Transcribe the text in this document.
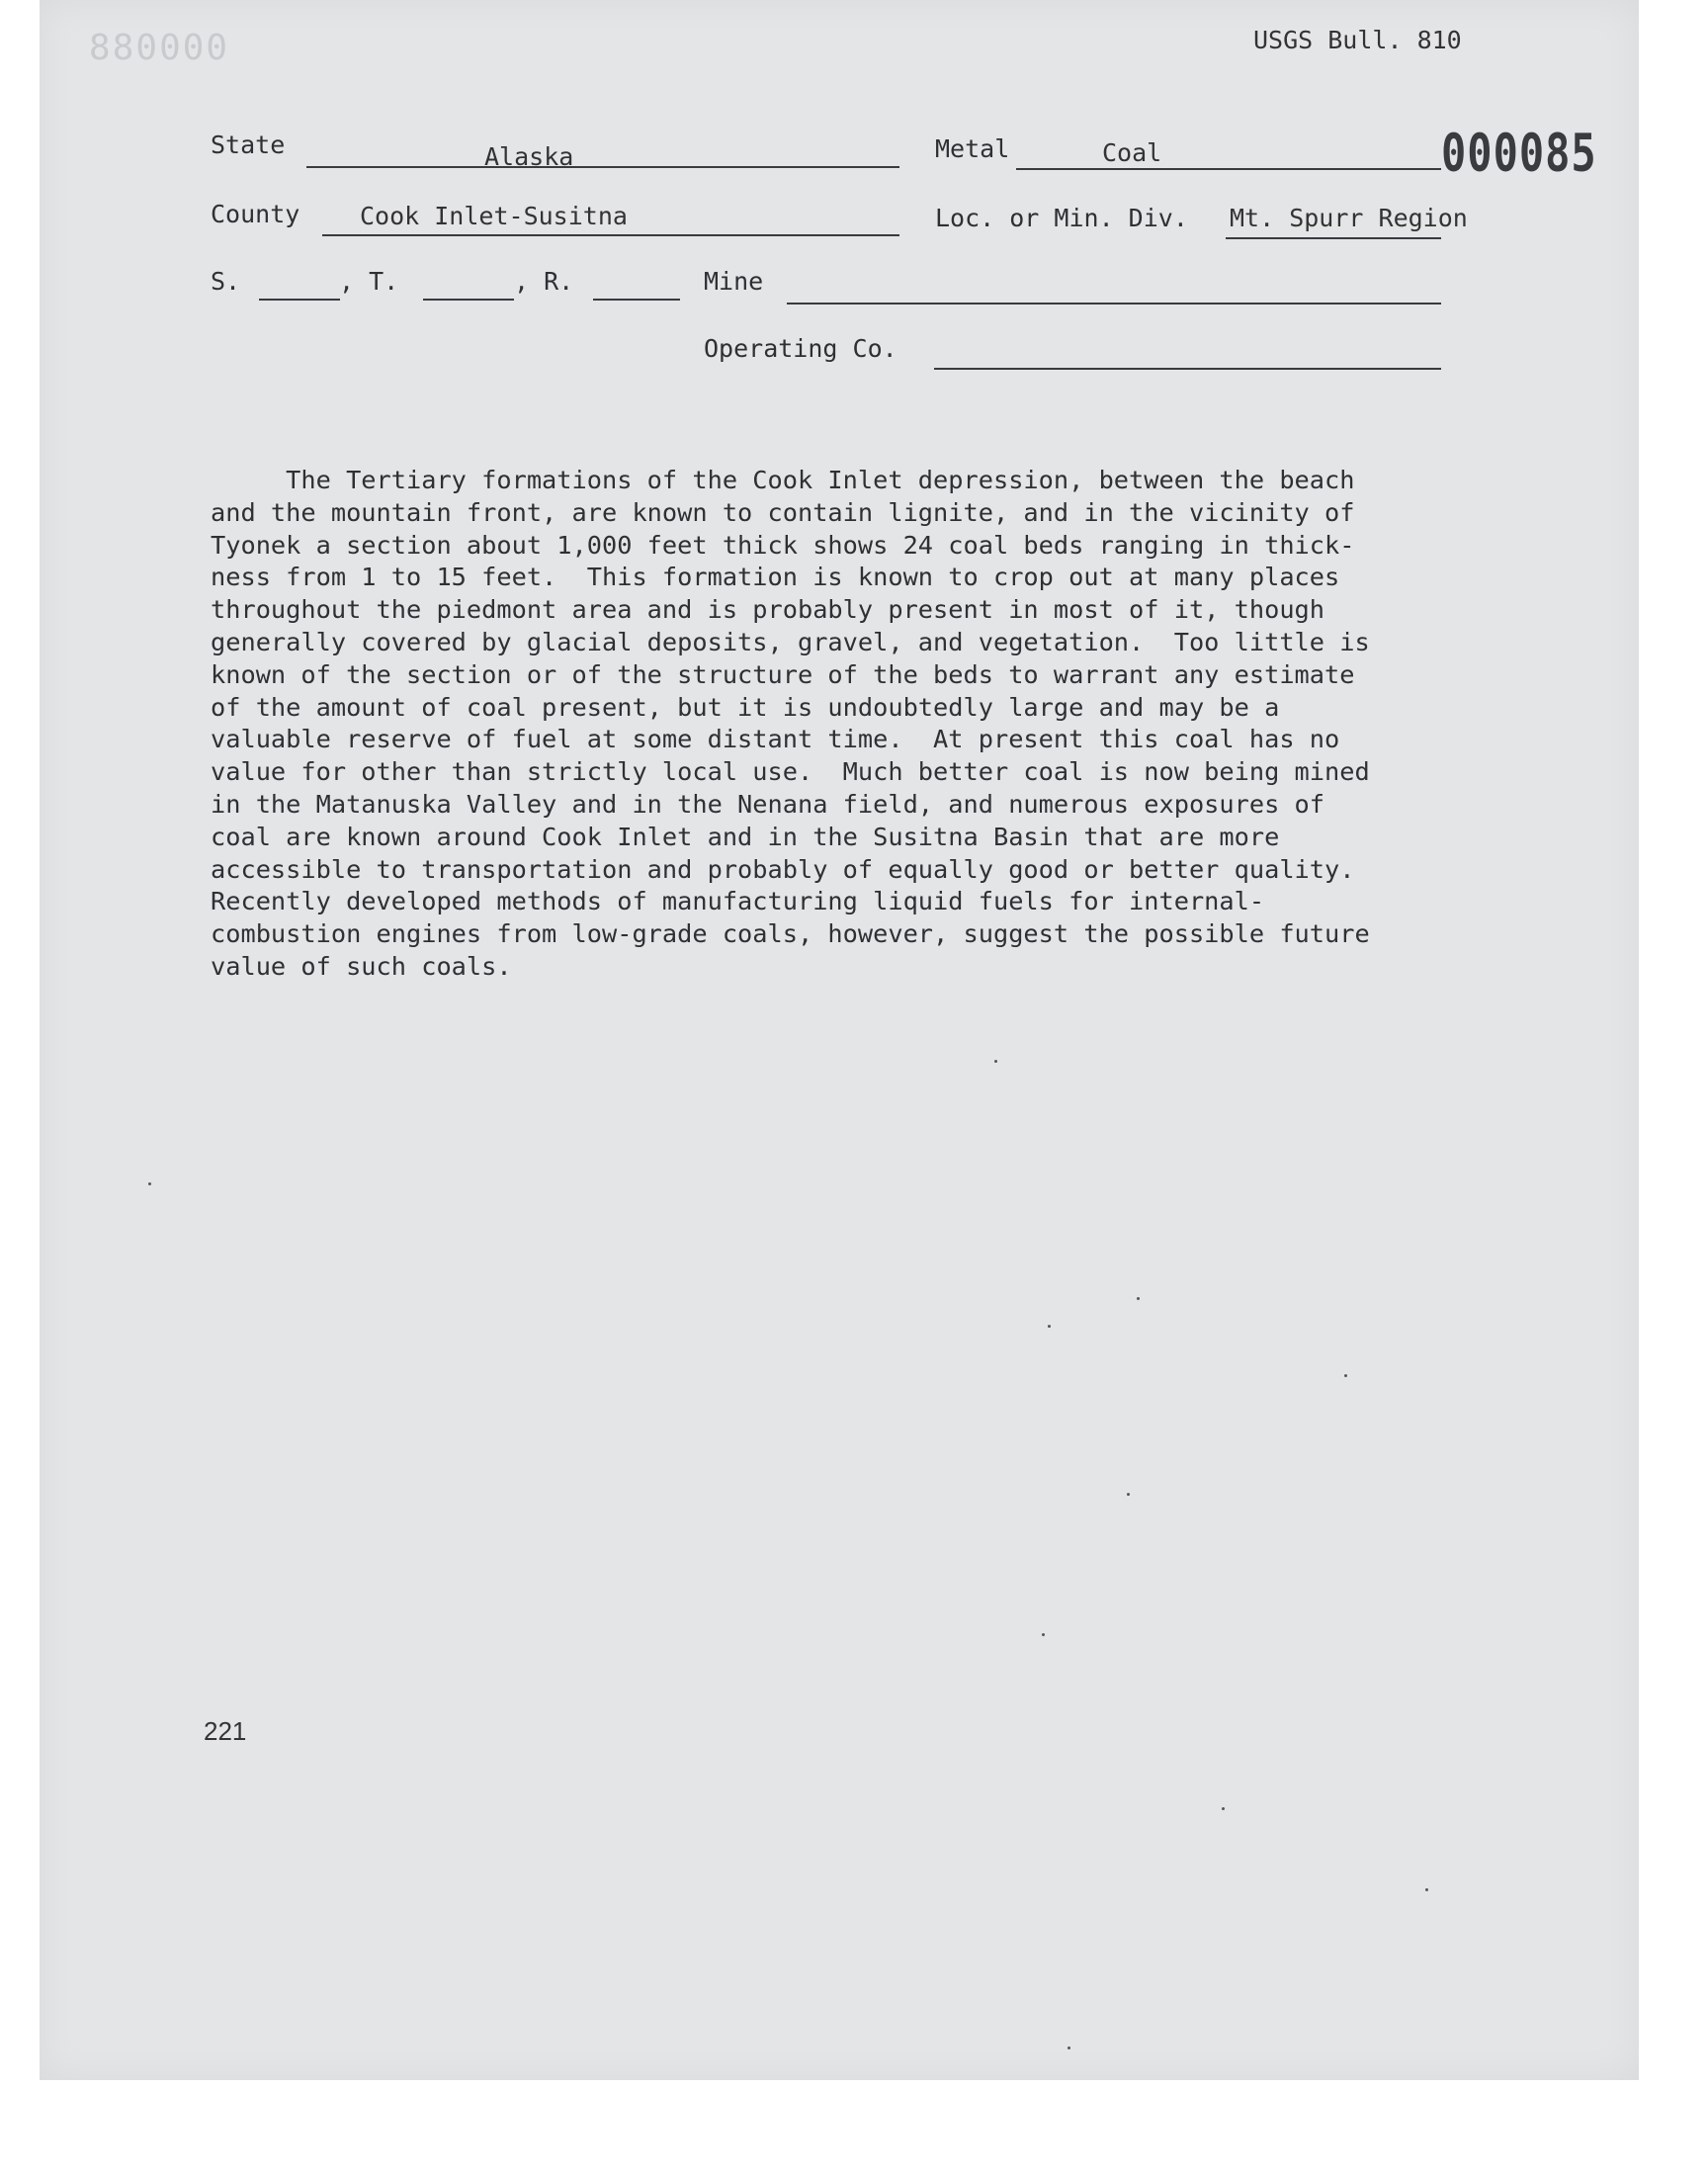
000088	USGS Bull. 810
000085
State	Alaska	Metal	Coal
County Cook Inlet-Susitna	Loc. or Min. Div. Mt. Spurr Region
S.	, T.	, R.	Mine
Operating Co.
The Tertiary formations of the Cook Inlet depression, between the beach
and the mountain front, are known to contain lignite, and in the vicinity of
Tyonek a section about 1,000 feet thick shows 24 coal beds ranging in thick-
ness from 1 to 15 feet.  This formation is known to crop out at many places
throughout the piedmont area and is probably present in most of it, though
generally covered by glacial deposits, gravel, and vegetation.  Too little is
known of the section or of the structure of the beds to warrant any estimate
of the amount of coal present, but it is undoubtedly large and may be a
valuable reserve of fuel at some distant time.  At present this coal has no
value for other than strictly local use.  Much better coal is now being mined
in the Matanuska Valley and in the Nenana field, and numerous exposures of
coal are known around Cook Inlet and in the Susitna Basin that are more
accessible to transportation and probably of equally good or better quality.
Recently developed methods of manufacturing liquid fuels for internal-
combustion engines from low-grade coals, however, suggest the possible future
value of such coals.
221
